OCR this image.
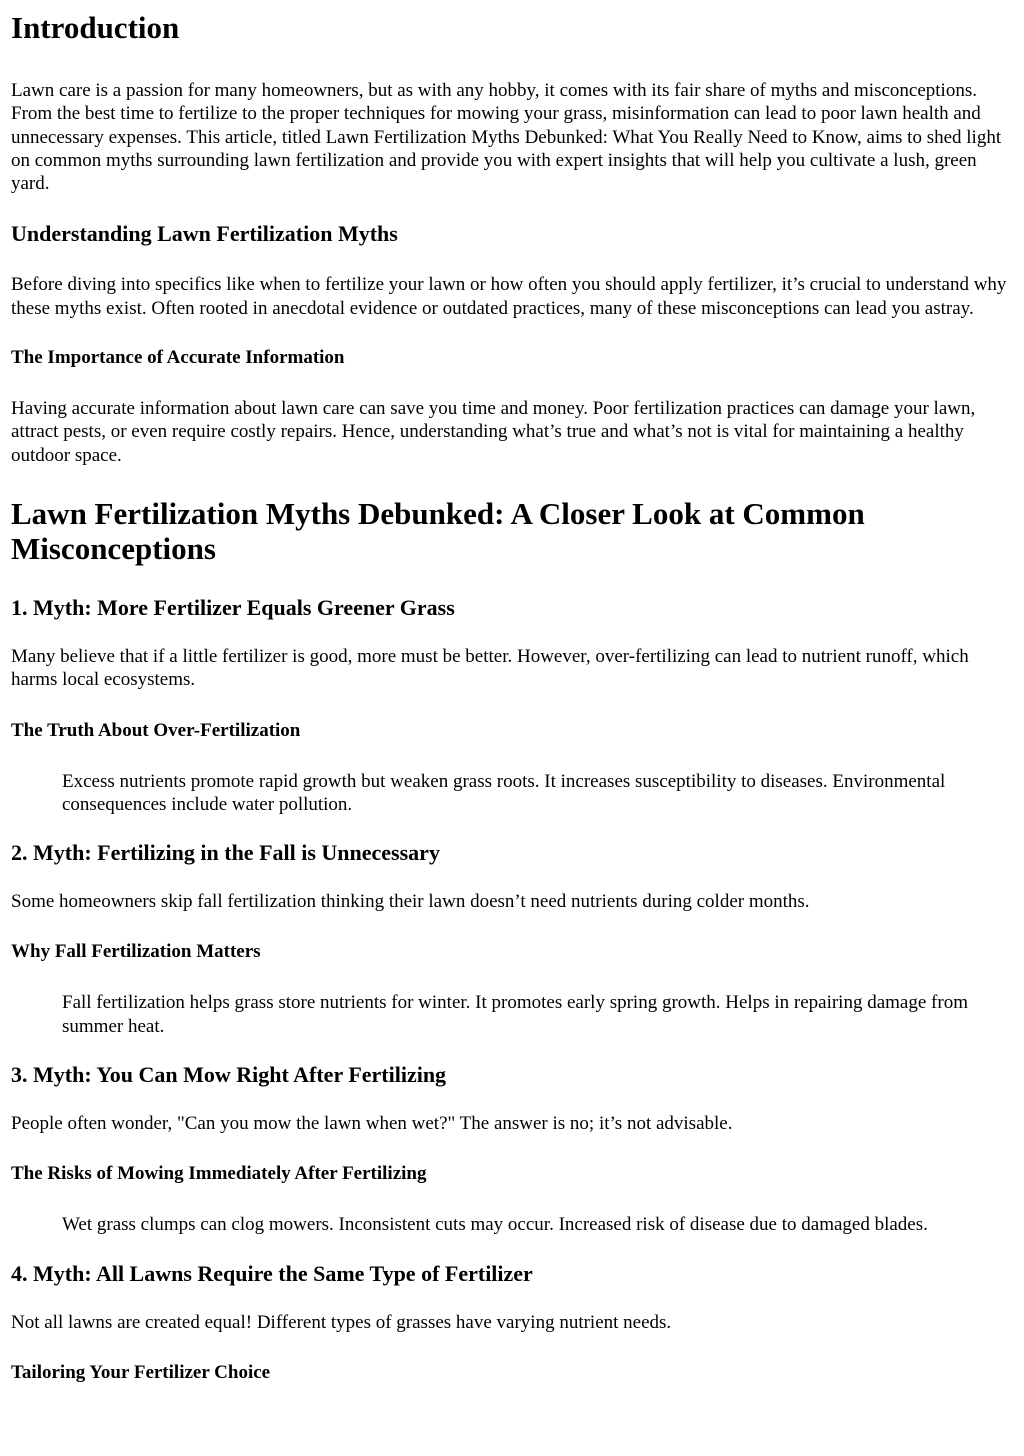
Introduction

Lawn care is a passion for many homeowners, but as with any hobby, it comes with its fair share of myths and misconceptions. From the best time to fertilize to the proper techniques for mowing your grass, misinformation can lead to poor lawn health and unnecessary expenses. This article, titled Lawn Fertilization Myths Debunked: What You Really Need to Know, aims to shed light on common myths surrounding lawn fertilization and provide you with expert insights that will help you cultivate a lush, green yard.

Understanding Lawn Fertilization Myths

Before diving into specifics like when to fertilize your lawn or how often you should apply fertilizer, it’s crucial to understand why these myths exist. Often rooted in anecdotal evidence or outdated practices, many of these misconceptions can lead you astray.

The Importance of Accurate Information

Having accurate information about lawn care can save you time and money. Poor fertilization practices can damage your lawn, attract pests, or even require costly repairs. Hence, understanding what’s true and what’s not is vital for maintaining a healthy outdoor space.

Lawn Fertilization Myths Debunked: A Closer Look at Common Misconceptions
1. Myth: More Fertilizer Equals Greener Grass

Many believe that if a little fertilizer is good, more must be better. However, over-fertilizing can lead to nutrient runoff, which harms local ecosystems.

The Truth About Over-Fertilization
Excess nutrients promote rapid growth but weaken grass roots. It increases susceptibility to diseases. Environmental consequences include water pollution.
2. Myth: Fertilizing in the Fall is Unnecessary

Some homeowners skip fall fertilization thinking their lawn doesn’t need nutrients during colder months.

Why Fall Fertilization Matters
Fall fertilization helps grass store nutrients for winter. It promotes early spring growth. Helps in repairing damage from summer heat.
3. Myth: You Can Mow Right After Fertilizing

People often wonder, "Can you mow the lawn when wet?" The answer is no; it’s not advisable.

The Risks of Mowing Immediately After Fertilizing
Wet grass clumps can clog mowers. Inconsistent cuts may occur. Increased risk of disease due to damaged blades.
4. Myth: All Lawns Require the Same Type of Fertilizer

Not all lawns are created equal! Different types of grasses have varying nutrient needs.

Tailoring Your Fertilizer Choice
